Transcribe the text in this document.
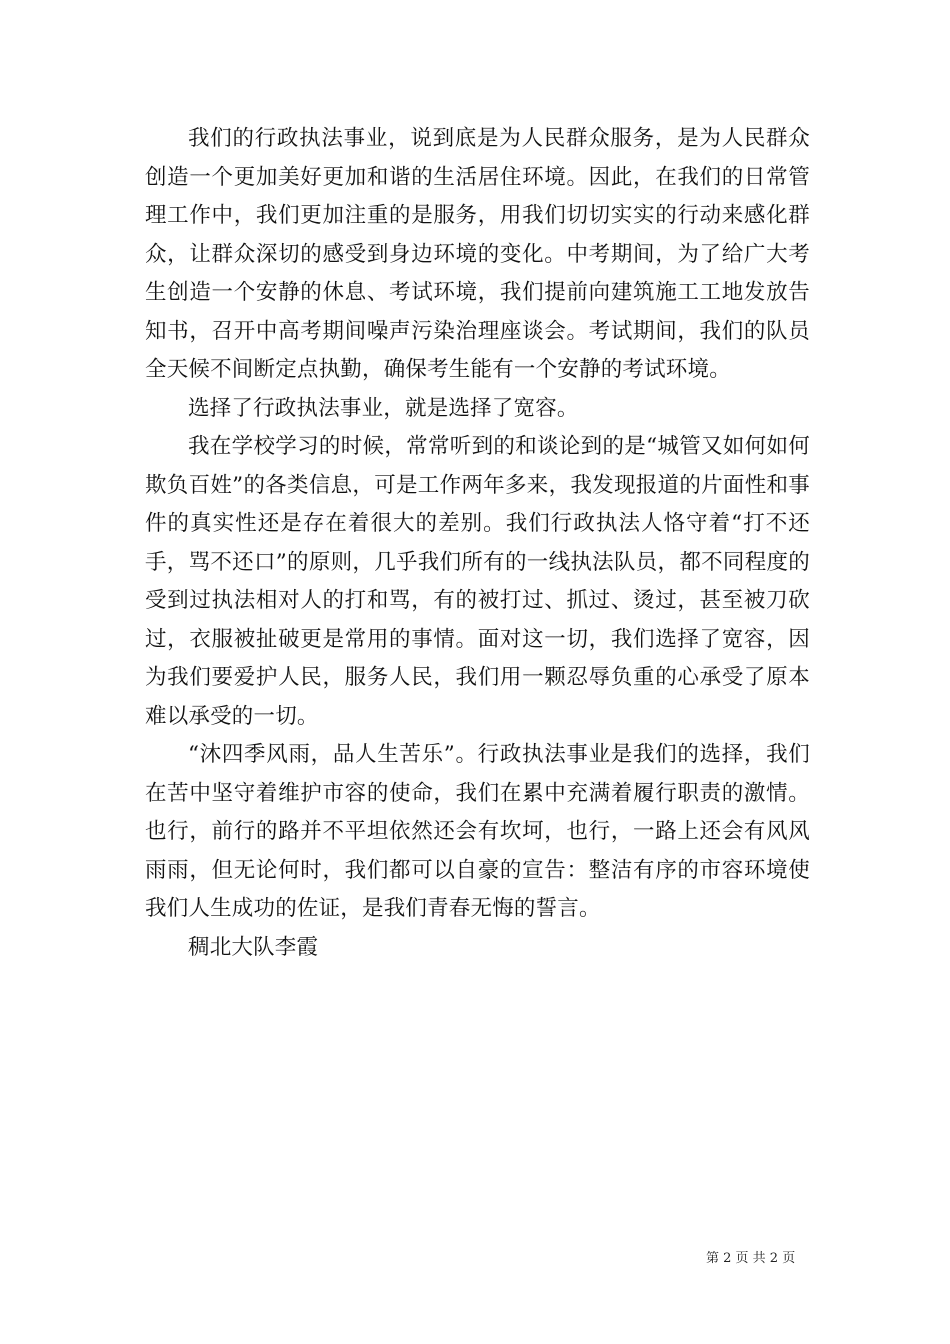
我们的行政执法事业，说到底是为人民群众服务，是为人民群众创造一个更加美好更加和谐的生活居住环境。因此，在我们的日常管理工作中，我们更加注重的是服务，用我们切切实实的行动来感化群众，让群众深切的感受到身边环境的变化。中考期间，为了给广大考生创造一个安静的休息、考试环境，我们提前向建筑施工工地发放告知书，召开中高考期间噪声污染治理座谈会。考试期间，我们的队员全天候不间断定点执勤，确保考生能有一个安静的考试环境。

选择了行政执法事业，就是选择了宽容。

我在学校学习的时候，常常听到的和谈论到的是“城管又如何如何欺负百姓”的各类信息，可是工作两年多来，我发现报道的片面性和事件的真实性还是存在着很大的差别。我们行政执法人恪守着“打不还手，骂不还口”的原则，几乎我们所有的一线执法队员，都不同程度的受到过执法相对人的打和骂，有的被打过、抓过、烫过，甚至被刀砍过，衣服被扯破更是常用的事情。面对这一切，我们选择了宽容，因为我们要爱护人民，服务人民，我们用一颗忍辱负重的心承受了原本难以承受的一切。

“沐四季风雨，品人生苦乐”。行政执法事业是我们的选择，我们在苦中坚守着维护市容的使命，我们在累中充满着履行职责的激情。也行，前行的路并不平坦依然还会有坎坷，也行，一路上还会有风风雨雨，但无论何时，我们都可以自豪的宣告：整洁有序的市容环境使我们人生成功的佐证，是我们青春无悔的誓言。

稠北大队李霞

第 2 页 共 2 页
